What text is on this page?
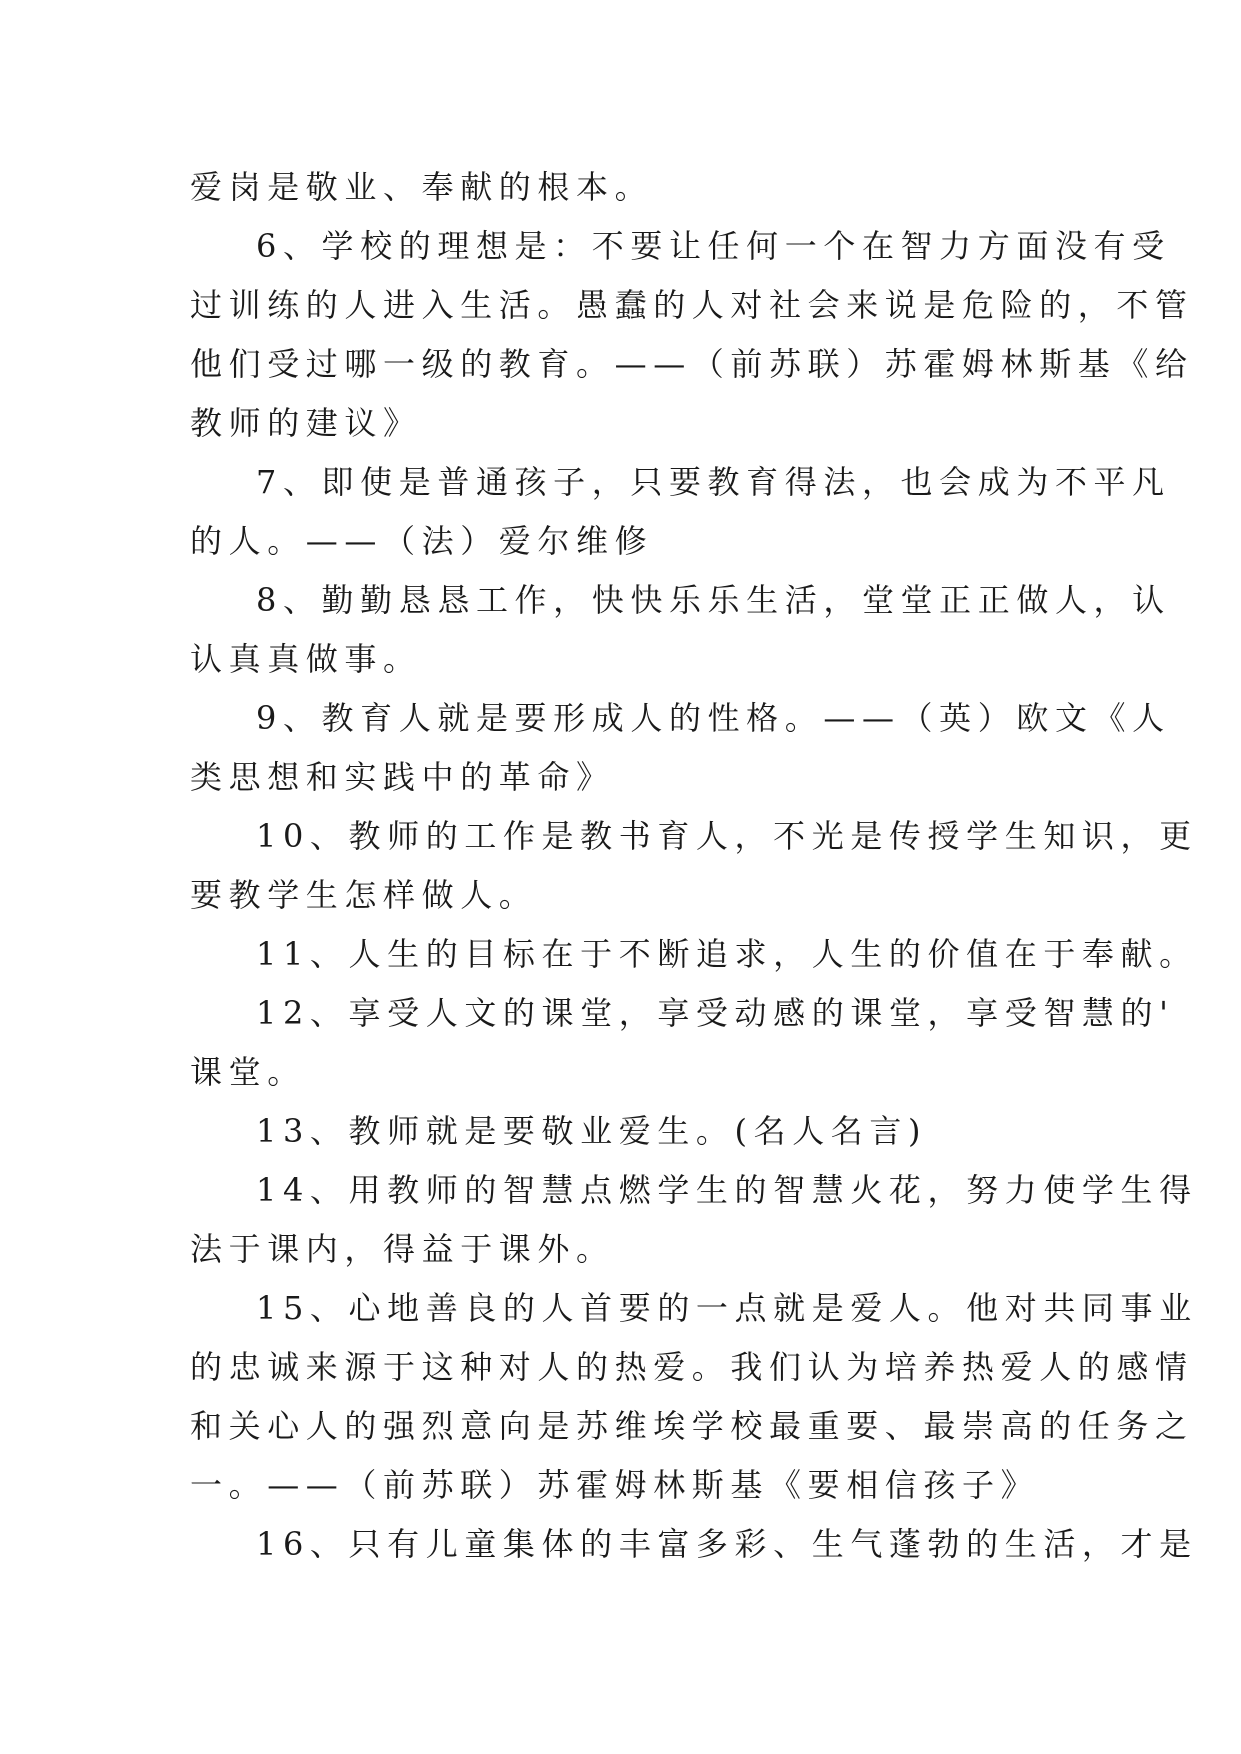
爱岗是敬业、奉献的根本。
6、学校的理想是：不要让任何一个在智力方面没有受
过训练的人进入生活。愚蠢的人对社会来说是危险的，不管
他们受过哪一级的教育。——（前苏联）苏霍姆林斯基《给
教师的建议》
7、即使是普通孩子，只要教育得法，也会成为不平凡
的人。——（法）爱尔维修
8、勤勤恳恳工作，快快乐乐生活，堂堂正正做人，认
认真真做事。
9、教育人就是要形成人的性格。——（英）欧文《人
类思想和实践中的革命》
10、教师的工作是教书育人，不光是传授学生知识，更
要教学生怎样做人。
11、人生的目标在于不断追求，人生的价值在于奉献。
12、享受人文的课堂，享受动感的课堂，享受智慧的'
课堂。
13、教师就是要敬业爱生。(名人名言)
14、用教师的智慧点燃学生的智慧火花，努力使学生得
法于课内，得益于课外。
15、心地善良的人首要的一点就是爱人。他对共同事业
的忠诚来源于这种对人的热爱。我们认为培养热爱人的感情
和关心人的强烈意向是苏维埃学校最重要、最崇高的任务之
一。——（前苏联）苏霍姆林斯基《要相信孩子》
16、只有儿童集体的丰富多彩、生气蓬勃的生活，才是
